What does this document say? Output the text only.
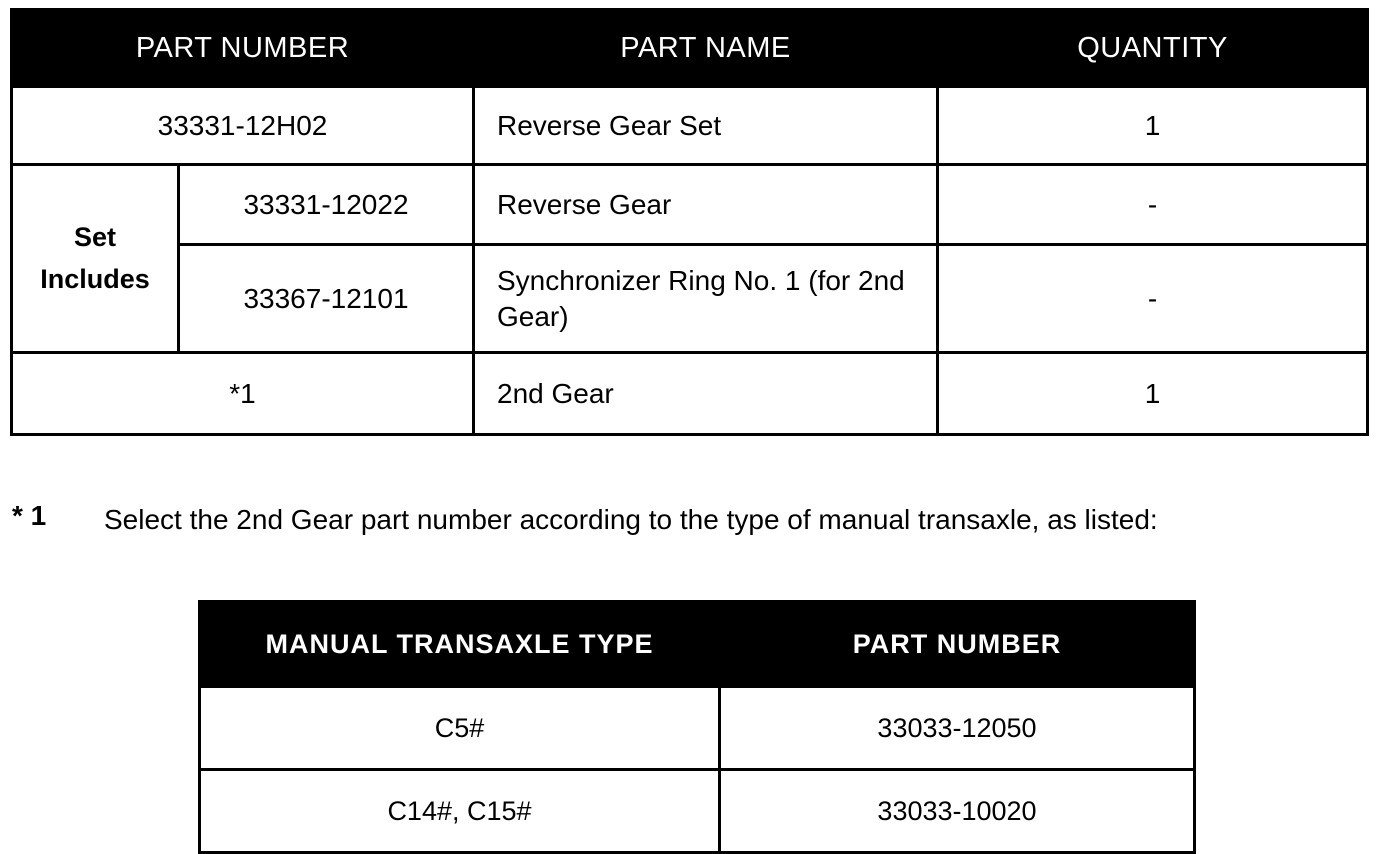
PART NUMBER		PART NAME	QUANTITY
33331-12H02		Reverse Gear Set	1

Set
Includes	33331-12022	Reverse Gear	-
	33367-12101	Synchronizer Ring No. 1 (for 2nd Gear)	-
*1		2nd Gear	1
* 1	Select the 2nd Gear part number according to the type of manual transaxle, as listed:
MANUAL TRANSAXLE TYPE	PART NUMBER
C5#	33033-12050
C14#, C15#	33033-10020
